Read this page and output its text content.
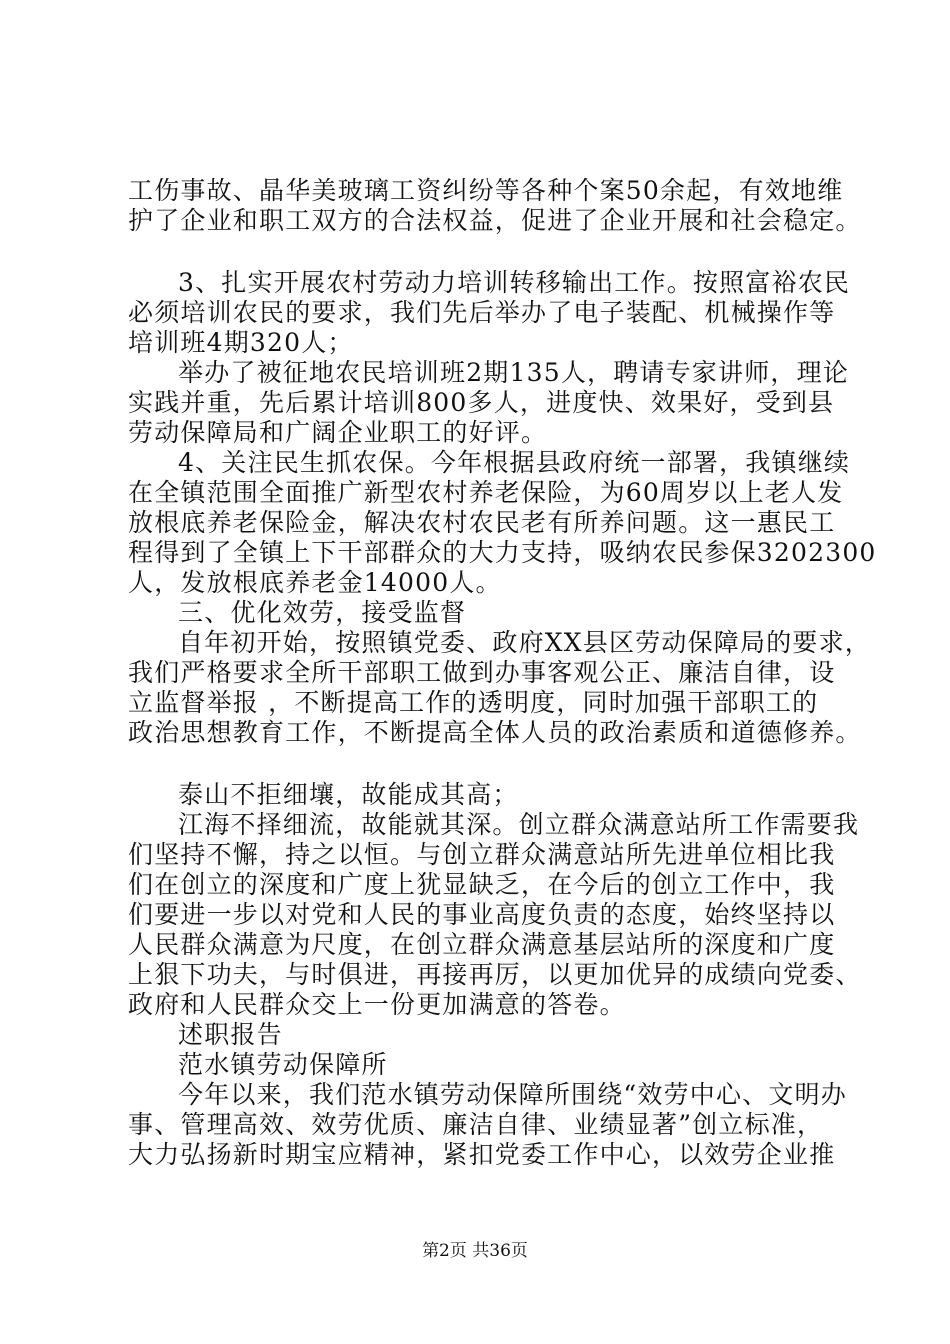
工伤事故、晶华美玻璃工资纠纷等各种个案50余起，有效地维
护了企业和职工双方的合法权益，促进了企业开展和社会稳定。
3、扎实开展农村劳动力培训转移输出工作。按照富裕农民
必须培训农民的要求，我们先后举办了电子装配、机械操作等
培训班4期320人；
举办了被征地农民培训班2期135人，聘请专家讲师，理论
实践并重，先后累计培训800多人，进度快、效果好，受到县
劳动保障局和广阔企业职工的好评。
4、关注民生抓农保。今年根据县政府统一部署，我镇继续
在全镇范围全面推广新型农村养老保险，为60周岁以上老人发
放根底养老保险金，解决农村农民老有所养问题。这一惠民工
程得到了全镇上下干部群众的大力支持，吸纳农民参保3202300
人，发放根底养老金14000人。
三、优化效劳，接受监督
自年初开始，按照镇党委、政府XX县区劳动保障局的要求，
我们严格要求全所干部职工做到办事客观公正、廉洁自律，设
立监督举报 ，不断提高工作的透明度，同时加强干部职工的
政治思想教育工作，不断提高全体人员的政治素质和道德修养。
泰山不拒细壤，故能成其高；
江海不择细流，故能就其深。创立群众满意站所工作需要我
们坚持不懈，持之以恒。与创立群众满意站所先进单位相比我
们在创立的深度和广度上犹显缺乏，在今后的创立工作中，我
们要进一步以对党和人民的事业高度负责的态度，始终坚持以
人民群众满意为尺度，在创立群众满意基层站所的深度和广度
上狠下功夫，与时俱进，再接再厉，以更加优异的成绩向党委、
政府和人民群众交上一份更加满意的答卷。
述职报告
范水镇劳动保障所
今年以来，我们范水镇劳动保障所围绕“效劳中心、文明办
事、管理高效、效劳优质、廉洁自律、业绩显著”创立标准，
大力弘扬新时期宝应精神，紧扣党委工作中心，以效劳企业推
第2页 共36页
